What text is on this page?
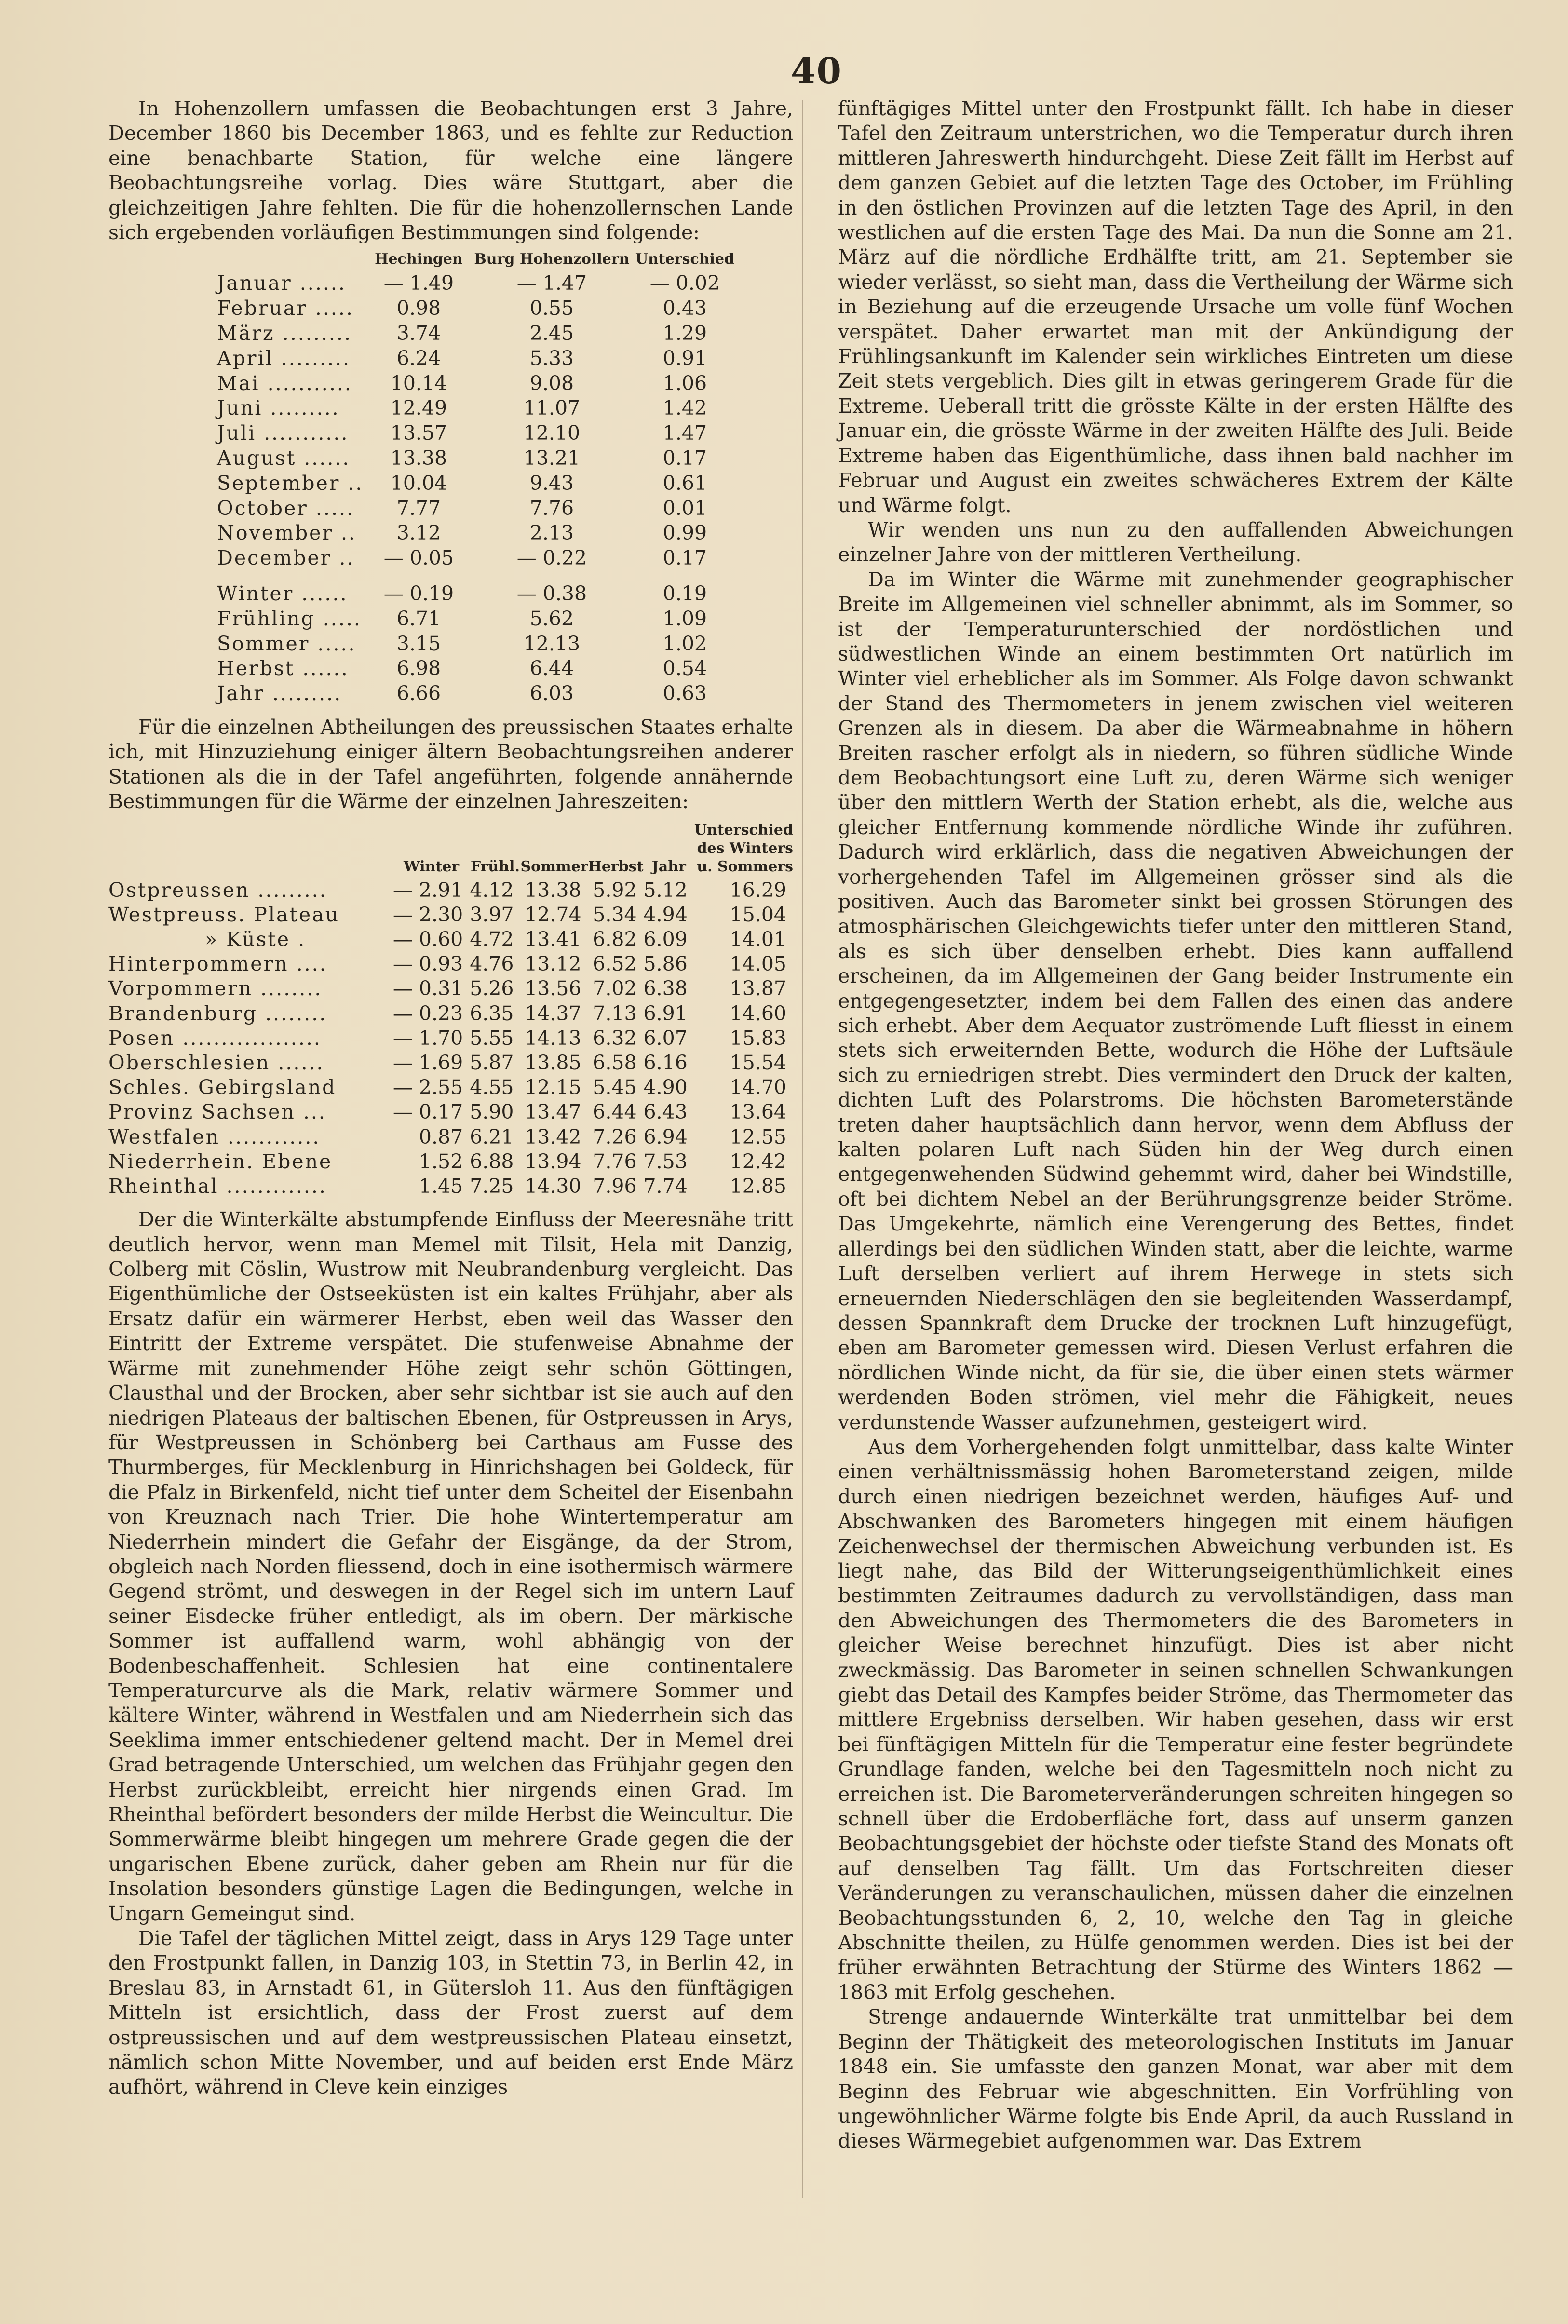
40

In Hohenzollern umfassen die Beobachtungen erst 3 Jahre, December 1860 bis December 1863, und es fehlte zur Reduction eine benachbarte Station, für welche eine längere Beobachtungsreihe vorlag. Dies wäre Stuttgart, aber die gleichzeitigen Jahre fehlten. Die für die hohenzollernschen Lande sich ergebenden vorläufigen Bestimmungen sind folgende:

	Hechingen	Burg Hohenzollern	Unterschied
Januar ......	— 1.49	— 1.47	— 0.02
Februar .....	0.98	0.55	0.43
März .........	3.74	2.45	1.29
April .........	6.24	5.33	0.91
Mai ...........	10.14	9.08	1.06
Juni .........	12.49	11.07	1.42
Juli ...........	13.57	12.10	1.47
August ......	13.38	13.21	0.17
September ..	10.04	9.43	0.61
October .....	7.77	7.76	0.01
November ..	3.12	2.13	0.99
December ..	— 0.05	— 0.22	0.17
Winter ......	— 0.19	— 0.38	0.19
Frühling .....	6.71	5.62	1.09
Sommer .....	3.15	12.13	1.02
Herbst ......	6.98	6.44	0.54
Jahr .........	6.66	6.03	0.63

Für die einzelnen Abtheilungen des preussischen Staates erhalte ich, mit Hinzuziehung einiger ältern Beobachtungsreihen anderer Stationen als die in der Tafel angeführten, folgende annähernde Bestimmungen für die Wärme der einzelnen Jahreszeiten:

	Winter	Frühl.	Sommer	Herbst	Jahr	Unterschied des Winters u. Sommers
Ostpreussen .........	— 2.91	4.12	13.38	5.92	5.12	16.29
Westpreuss. Plateau	— 2.30	3.97	12.74	5.34	4.94	15.04
» Küste .	— 0.60	4.72	13.41	6.82	6.09	14.01
Hinterpommern ....	— 0.93	4.76	13.12	6.52	5.86	14.05
Vorpommern ........	— 0.31	5.26	13.56	7.02	6.38	13.87
Brandenburg ........	— 0.23	6.35	14.37	7.13	6.91	14.60
Posen ..................	— 1.70	5.55	14.13	6.32	6.07	15.83
Oberschlesien ......	— 1.69	5.87	13.85	6.58	6.16	15.54
Schles. Gebirgsland	— 2.55	4.55	12.15	5.45	4.90	14.70
Provinz Sachsen ...	— 0.17	5.90	13.47	6.44	6.43	13.64
Westfalen ............	0.87	6.21	13.42	7.26	6.94	12.55
Niederrhein. Ebene	1.52	6.88	13.94	7.76	7.53	12.42
Rheinthal .............	1.45	7.25	14.30	7.96	7.74	12.85

Der die Winterkälte abstumpfende Einfluss der Meeresnähe tritt deutlich hervor, wenn man Memel mit Tilsit, Hela mit Danzig, Colberg mit Cöslin, Wustrow mit Neubrandenburg vergleicht. Das Eigenthümliche der Ostseeküsten ist ein kaltes Frühjahr, aber als Ersatz dafür ein wärmerer Herbst, eben weil das Wasser den Eintritt der Extreme verspätet. Die stufenweise Abnahme der Wärme mit zunehmender Höhe zeigt sehr schön Göttingen, Clausthal und der Brocken, aber sehr sichtbar ist sie auch auf den niedrigen Plateaus der baltischen Ebenen, für Ostpreussen in Arys, für Westpreussen in Schönberg bei Carthaus am Fusse des Thurmberges, für Mecklenburg in Hinrichshagen bei Goldeck, für die Pfalz in Birkenfeld, nicht tief unter dem Scheitel der Eisenbahn von Kreuznach nach Trier. Die hohe Wintertemperatur am Niederrhein mindert die Gefahr der Eisgänge, da der Strom, obgleich nach Norden fliessend, doch in eine isothermisch wärmere Gegend strömt, und deswegen in der Regel sich im untern Lauf seiner Eisdecke früher entledigt, als im obern. Der märkische Sommer ist auffallend warm, wohl abhängig von der Bodenbeschaffenheit. Schlesien hat eine continentalere Temperaturcurve als die Mark, relativ wärmere Sommer und kältere Winter, während in Westfalen und am Niederrhein sich das Seeklima immer entschiedener geltend macht. Der in Memel drei Grad betragende Unterschied, um welchen das Frühjahr gegen den Herbst zurückbleibt, erreicht hier nirgends einen Grad. Im Rheinthal befördert besonders der milde Herbst die Weincultur. Die Sommerwärme bleibt hingegen um mehrere Grade gegen die der ungarischen Ebene zurück, daher geben am Rhein nur für die Insolation besonders günstige Lagen die Bedingungen, welche in Ungarn Gemeingut sind.

Die Tafel der täglichen Mittel zeigt, dass in Arys 129 Tage unter den Frostpunkt fallen, in Danzig 103, in Stettin 73, in Berlin 42, in Breslau 83, in Arnstadt 61, in Gütersloh 11. Aus den fünftägigen Mitteln ist ersichtlich, dass der Frost zuerst auf dem ostpreussischen und auf dem westpreussischen Plateau einsetzt, nämlich schon Mitte November, und auf beiden erst Ende März aufhört, während in Cleve kein einziges

fünftägiges Mittel unter den Frostpunkt fällt. Ich habe in dieser Tafel den Zeitraum unterstrichen, wo die Temperatur durch ihren mittleren Jahreswerth hindurchgeht. Diese Zeit fällt im Herbst auf dem ganzen Gebiet auf die letzten Tage des October, im Frühling in den östlichen Provinzen auf die letzten Tage des April, in den westlichen auf die ersten Tage des Mai. Da nun die Sonne am 21. März auf die nördliche Erdhälfte tritt, am 21. September sie wieder verlässt, so sieht man, dass die Vertheilung der Wärme sich in Beziehung auf die erzeugende Ursache um volle fünf Wochen verspätet. Daher erwartet man mit der Ankündigung der Frühlingsankunft im Kalender sein wirkliches Eintreten um diese Zeit stets vergeblich. Dies gilt in etwas geringerem Grade für die Extreme. Ueberall tritt die grösste Kälte in der ersten Hälfte des Januar ein, die grösste Wärme in der zweiten Hälfte des Juli. Beide Extreme haben das Eigenthümliche, dass ihnen bald nachher im Februar und August ein zweites schwächeres Extrem der Kälte und Wärme folgt.

Wir wenden uns nun zu den auffallenden Abweichungen einzelner Jahre von der mittleren Vertheilung.

Da im Winter die Wärme mit zunehmender geographischer Breite im Allgemeinen viel schneller abnimmt, als im Sommer, so ist der Temperaturunterschied der nordöstlichen und südwestlichen Winde an einem bestimmten Ort natürlich im Winter viel erheblicher als im Sommer. Als Folge davon schwankt der Stand des Thermometers in jenem zwischen viel weiteren Grenzen als in diesem. Da aber die Wärmeabnahme in höhern Breiten rascher erfolgt als in niedern, so führen südliche Winde dem Beobachtungsort eine Luft zu, deren Wärme sich weniger über den mittlern Werth der Station erhebt, als die, welche aus gleicher Entfernung kommende nördliche Winde ihr zuführen. Dadurch wird erklärlich, dass die negativen Abweichungen der vorhergehenden Tafel im Allgemeinen grösser sind als die positiven. Auch das Barometer sinkt bei grossen Störungen des atmosphärischen Gleichgewichts tiefer unter den mittleren Stand, als es sich über denselben erhebt. Dies kann auffallend erscheinen, da im Allgemeinen der Gang beider Instrumente ein entgegengesetzter, indem bei dem Fallen des einen das andere sich erhebt. Aber dem Aequator zuströmende Luft fliesst in einem stets sich erweiternden Bette, wodurch die Höhe der Luftsäule sich zu erniedrigen strebt. Dies vermindert den Druck der kalten, dichten Luft des Polarstroms. Die höchsten Barometerstände treten daher hauptsächlich dann hervor, wenn dem Abfluss der kalten polaren Luft nach Süden hin der Weg durch einen entgegenwehenden Südwind gehemmt wird, daher bei Windstille, oft bei dichtem Nebel an der Berührungsgrenze beider Ströme. Das Umgekehrte, nämlich eine Verengerung des Bettes, findet allerdings bei den südlichen Winden statt, aber die leichte, warme Luft derselben verliert auf ihrem Herwege in stets sich erneuernden Niederschlägen den sie begleitenden Wasserdampf, dessen Spannkraft dem Drucke der trocknen Luft hinzugefügt, eben am Barometer gemessen wird. Diesen Verlust erfahren die nördlichen Winde nicht, da für sie, die über einen stets wärmer werdenden Boden strömen, viel mehr die Fähigkeit, neues verdunstende Wasser aufzunehmen, gesteigert wird.

Aus dem Vorhergehenden folgt unmittelbar, dass kalte Winter einen verhältnissmässig hohen Barometerstand zeigen, milde durch einen niedrigen bezeichnet werden, häufiges Auf- und Abschwanken des Barometers hingegen mit einem häufigen Zeichenwechsel der thermischen Abweichung verbunden ist. Es liegt nahe, das Bild der Witterungseigenthümlichkeit eines bestimmten Zeitraumes dadurch zu vervollständigen, dass man den Abweichungen des Thermometers die des Barometers in gleicher Weise berechnet hinzufügt. Dies ist aber nicht zweckmässig. Das Barometer in seinen schnellen Schwankungen giebt das Detail des Kampfes beider Ströme, das Thermometer das mittlere Ergebniss derselben. Wir haben gesehen, dass wir erst bei fünftägigen Mitteln für die Temperatur eine fester begründete Grundlage fanden, welche bei den Tagesmitteln noch nicht zu erreichen ist. Die Barometerveränderungen schreiten hingegen so schnell über die Erdoberfläche fort, dass auf unserm ganzen Beobachtungsgebiet der höchste oder tiefste Stand des Monats oft auf denselben Tag fällt. Um das Fortschreiten dieser Veränderungen zu veranschaulichen, müssen daher die einzelnen Beobachtungsstunden 6, 2, 10, welche den Tag in gleiche Abschnitte theilen, zu Hülfe genommen werden. Dies ist bei der früher erwähnten Betrachtung der Stürme des Winters 1862 — 1863 mit Erfolg geschehen.

Strenge andauernde Winterkälte trat unmittelbar bei dem Beginn der Thätigkeit des meteorologischen Instituts im Januar 1848 ein. Sie umfasste den ganzen Monat, war aber mit dem Beginn des Februar wie abgeschnitten. Ein Vorfrühling von ungewöhnlicher Wärme folgte bis Ende April, da auch Russland in dieses Wärmegebiet aufgenommen war. Das Extrem
